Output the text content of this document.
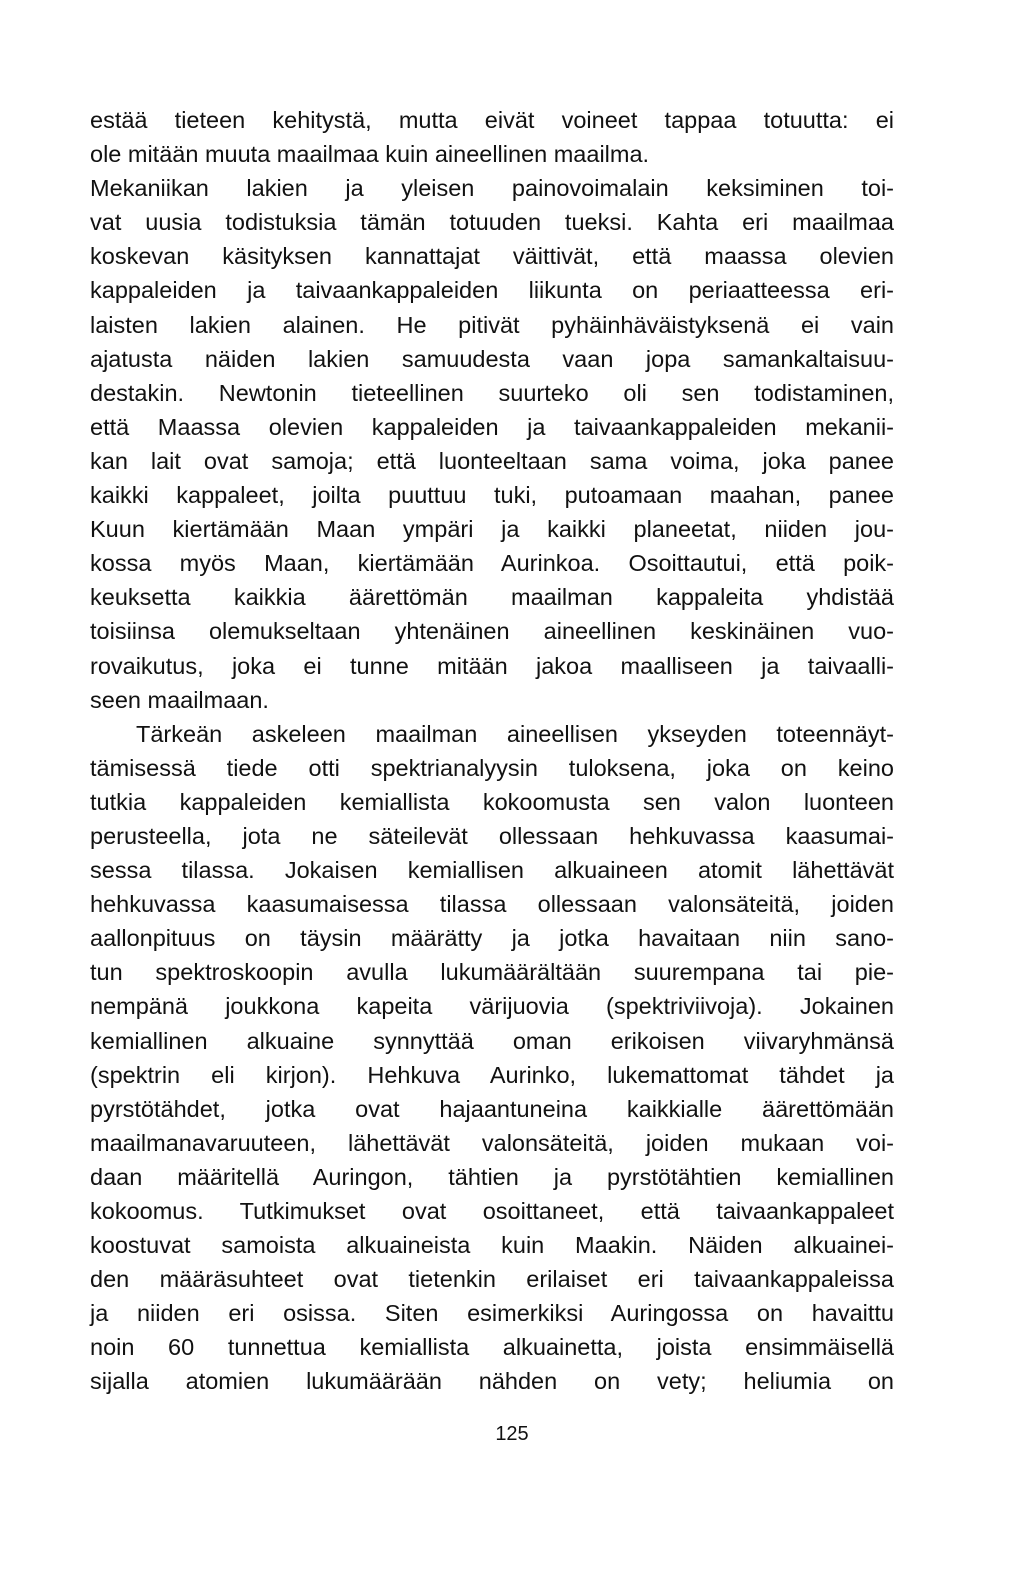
estää tieteen kehitystä, mutta eivät voineet tappaa totuutta: ei
ole mitään muuta maailmaa kuin aineellinen maailma.
Mekaniikan lakien ja yleisen painovoimalain keksiminen toi-
vat uusia todistuksia tämän totuuden tueksi. Kahta eri maailmaa
koskevan käsityksen kannattajat väittivät, että maassa olevien
kappaleiden ja taivaankappaleiden liikunta on periaatteessa eri-
laisten lakien alainen. He pitivät pyhäinhäväistyksenä ei vain
ajatusta näiden lakien samuudesta vaan jopa samankaltaisuu-
destakin. Newtonin tieteellinen suurteko oli sen todistaminen,
että Maassa olevien kappaleiden ja taivaankappaleiden mekanii-
kan lait ovat samoja; että luonteeltaan sama voima, joka panee
kaikki kappaleet, joilta puuttuu tuki, putoamaan maahan, panee
Kuun kiertämään Maan ympäri ja kaikki planeetat, niiden jou-
kossa myös Maan, kiertämään Aurinkoa. Osoittautui, että poik-
keuksetta kaikkia äärettömän maailman kappaleita yhdistää
toisiinsa olemukseltaan yhtenäinen aineellinen keskinäinen vuo-
rovaikutus, joka ei tunne mitään jakoa maalliseen ja taivaalli-
seen maailmaan.
Tärkeän askeleen maailman aineellisen ykseyden toteennäyt-
tämisessä tiede otti spektrianalyysin tuloksena, joka on keino
tutkia kappaleiden kemiallista kokoomusta sen valon luonteen
perusteella, jota ne säteilevät ollessaan hehkuvassa kaasumai-
sessa tilassa. Jokaisen kemiallisen alkuaineen atomit lähettävät
hehkuvassa kaasumaisessa tilassa ollessaan valonsäteitä, joiden
aallonpituus on täysin määrätty ja jotka havaitaan niin sano-
tun spektroskoopin avulla lukumäärältään suurempana tai pie-
nempänä joukkona kapeita värijuovia (spektriviivoja). Jokainen
kemiallinen alkuaine synnyttää oman erikoisen viivaryhmänsä
(spektrin eli kirjon). Hehkuva Aurinko, lukemattomat tähdet ja
pyrstötähdet, jotka ovat hajaantuneina kaikkialle äärettömään
maailmanavaruuteen, lähettävät valonsäteitä, joiden mukaan voi-
daan määritellä Auringon, tähtien ja pyrstötähtien kemiallinen
kokoomus. Tutkimukset ovat osoittaneet, että taivaankappaleet
koostuvat samoista alkuaineista kuin Maakin. Näiden alkuainei-
den määräsuhteet ovat tietenkin erilaiset eri taivaankappaleissa
ja niiden eri osissa. Siten esimerkiksi Auringossa on havaittu
noin 60 tunnettua kemiallista alkuainetta, joista ensimmäisellä
sijalla atomien lukumäärään nähden on vety; heliumia on
125
